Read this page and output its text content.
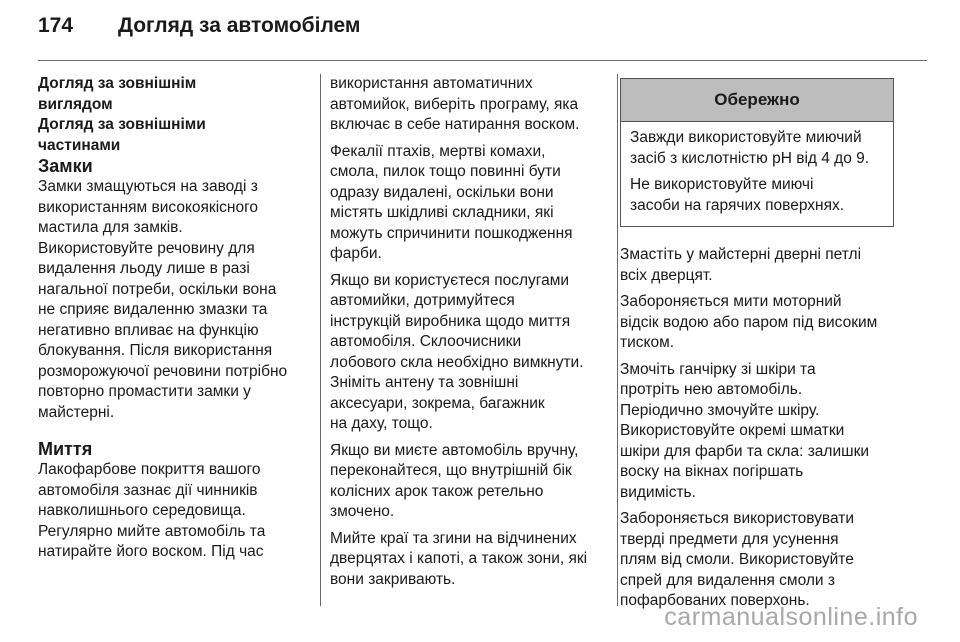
174 Догляд за автомобілем
Догляд за зовнішнім
виглядом
Догляд за зовнішніми
частинами
Замки
Замки змащуються на заводі з
використанням високоякісного
мастила для замків.
Використовуйте речовину для
видалення льоду лише в разі
нагальної потреби, оскільки вона
не сприяє видаленню змазки та
негативно впливає на функцію
блокування. Після використання
розморожуючої речовини потрібно
повторно промастити замки у
майстерні.
Миття
Лакофарбове покриття вашого
автомобіля зазнає дії чинників
навколишнього середовища.
Регулярно мийте автомобіль та
натирайте його воском. Під час
використання автоматичних
автомийок, виберіть програму, яка
включає в себе натирання воском.
Фекалії птахів, мертві комахи,
смола, пилок тощо повинні бути
одразу видалені, оскільки вони
містять шкідливі складники, які
можуть спричинити пошкодження
фарби.
Якщо ви користуєтеся послугами
автомийки, дотримуйтеся
інструкцій виробника щодо миття
автомобіля. Склоочисники
лобового скла необхідно вимкнути.
Зніміть антену та зовнішні
аксесуари, зокрема, багажник
на даху, тощо.
Якщо ви миєте автомобіль вручну,
переконайтеся, що внутрішній бік
колісних арок також ретельно
змочено.
Мийте краї та згини на відчинених
дверцятах і капоті, а також зони, які
вони закривають.
Обережно
Завжди використовуйте миючий
засіб з кислотністю pH від 4 до 9.
Не використовуйте миючі
засоби на гарячих поверхнях.
Змастіть у майстерні дверні петлі
всіх дверцят.
Забороняється мити моторний
відсік водою або паром під високим
тиском.
Змочіть ганчірку зі шкіри та
протріть нею автомобіль.
Періодично змочуйте шкіру.
Використовуйте окремі шматки
шкіри для фарби та скла: залишки
воску на вікнах погіршать
видимість.
Забороняється використовувати
тверді предмети для усунення
плям від смоли. Використовуйте
спрей для видалення смоли з
пофарбованих поверхонь.
carmanualsonline.info
